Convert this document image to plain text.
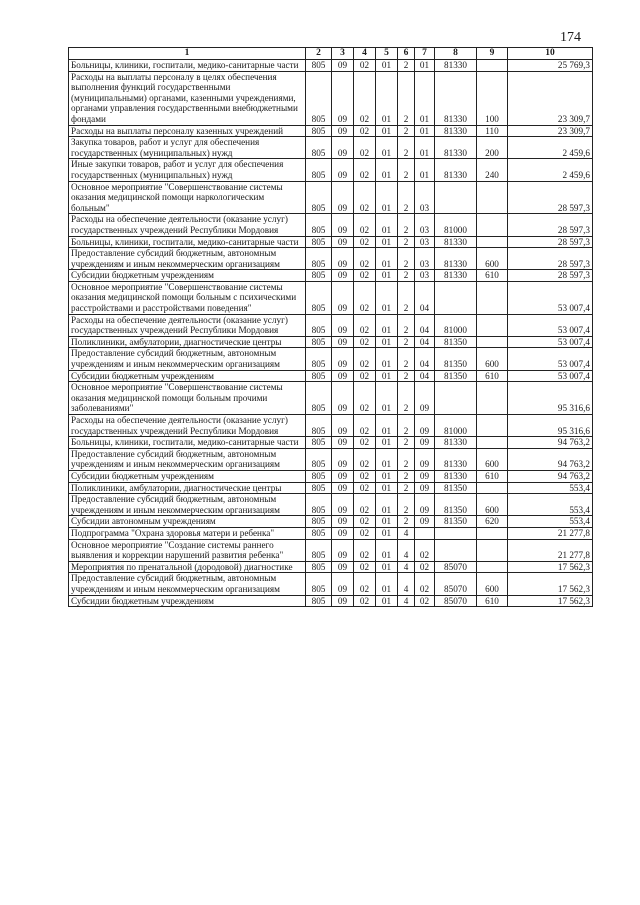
174
1	2	3	4	5	6	7	8	9	10
Больницы, клиники, госпитали, медико-санитарные части	805	09	02	01	2	01	81330		25 769,3
Расходы на выплаты персоналу в целях обеспечения выполнения функций государственными (муниципальными) органами, казенными учреждениями, органами управления государственными внебюджетными фондами	805	09	02	01	2	01	81330	100	23 309,7
Расходы на выплаты персоналу казенных учреждений	805	09	02	01	2	01	81330	110	23 309,7
Закупка товаров, работ и услуг для обеспечения государственных (муниципальных) нужд	805	09	02	01	2	01	81330	200	2 459,6
Иные закупки товаров, работ и услуг для обеспечения государственных (муниципальных) нужд	805	09	02	01	2	01	81330	240	2 459,6
Основное мероприятие "Совершенствование системы оказания медицинской помощи наркологическим больным"	805	09	02	01	2	03			28 597,3
Расходы на обеспечение деятельности (оказание услуг) государственных учреждений Республики Мордовия	805	09	02	01	2	03	81000		28 597,3
Больницы, клиники, госпитали, медико-санитарные части	805	09	02	01	2	03	81330		28 597,3
Предоставление субсидий бюджетным, автономным учреждениям и иным некоммерческим организациям	805	09	02	01	2	03	81330	600	28 597,3
Субсидии бюджетным учреждениям	805	09	02	01	2	03	81330	610	28 597,3
Основное мероприятие "Совершенствование системы оказания медицинской помощи больным с психическими расстройствами и расстройствами поведения"	805	09	02	01	2	04			53 007,4
Расходы на обеспечение деятельности (оказание услуг) государственных учреждений Республики Мордовия	805	09	02	01	2	04	81000		53 007,4
Поликлиники, амбулатории, диагностические центры	805	09	02	01	2	04	81350		53 007,4
Предоставление субсидий бюджетным, автономным учреждениям и иным некоммерческим организациям	805	09	02	01	2	04	81350	600	53 007,4
Субсидии бюджетным учреждениям	805	09	02	01	2	04	81350	610	53 007,4
Основное мероприятие "Совершенствование системы оказания медицинской помощи больным прочими заболеваниями"	805	09	02	01	2	09			95 316,6
Расходы на обеспечение деятельности (оказание услуг) государственных учреждений Республики Мордовия	805	09	02	01	2	09	81000		95 316,6
Больницы, клиники, госпитали, медико-санитарные части	805	09	02	01	2	09	81330		94 763,2
Предоставление субсидий бюджетным, автономным учреждениям и иным некоммерческим организациям	805	09	02	01	2	09	81330	600	94 763,2
Субсидии бюджетным учреждениям	805	09	02	01	2	09	81330	610	94 763,2
Поликлиники, амбулатории, диагностические центры	805	09	02	01	2	09	81350		553,4
Предоставление субсидий бюджетным, автономным учреждениям и иным некоммерческим организациям	805	09	02	01	2	09	81350	600	553,4
Субсидии автономным учреждениям	805	09	02	01	2	09	81350	620	553,4
Подпрограмма "Охрана здоровья матери и ребенка"	805	09	02	01	4				21 277,8
Основное мероприятие "Создание системы раннего выявления и коррекции нарушений развития ребенка"	805	09	02	01	4	02			21 277,8
Мероприятия по пренатальной (дородовой) диагностике	805	09	02	01	4	02	85070		17 562,3
Предоставление субсидий бюджетным, автономным учреждениям и иным некоммерческим организациям	805	09	02	01	4	02	85070	600	17 562,3
Субсидии бюджетным учреждениям	805	09	02	01	4	02	85070	610	17 562,3
